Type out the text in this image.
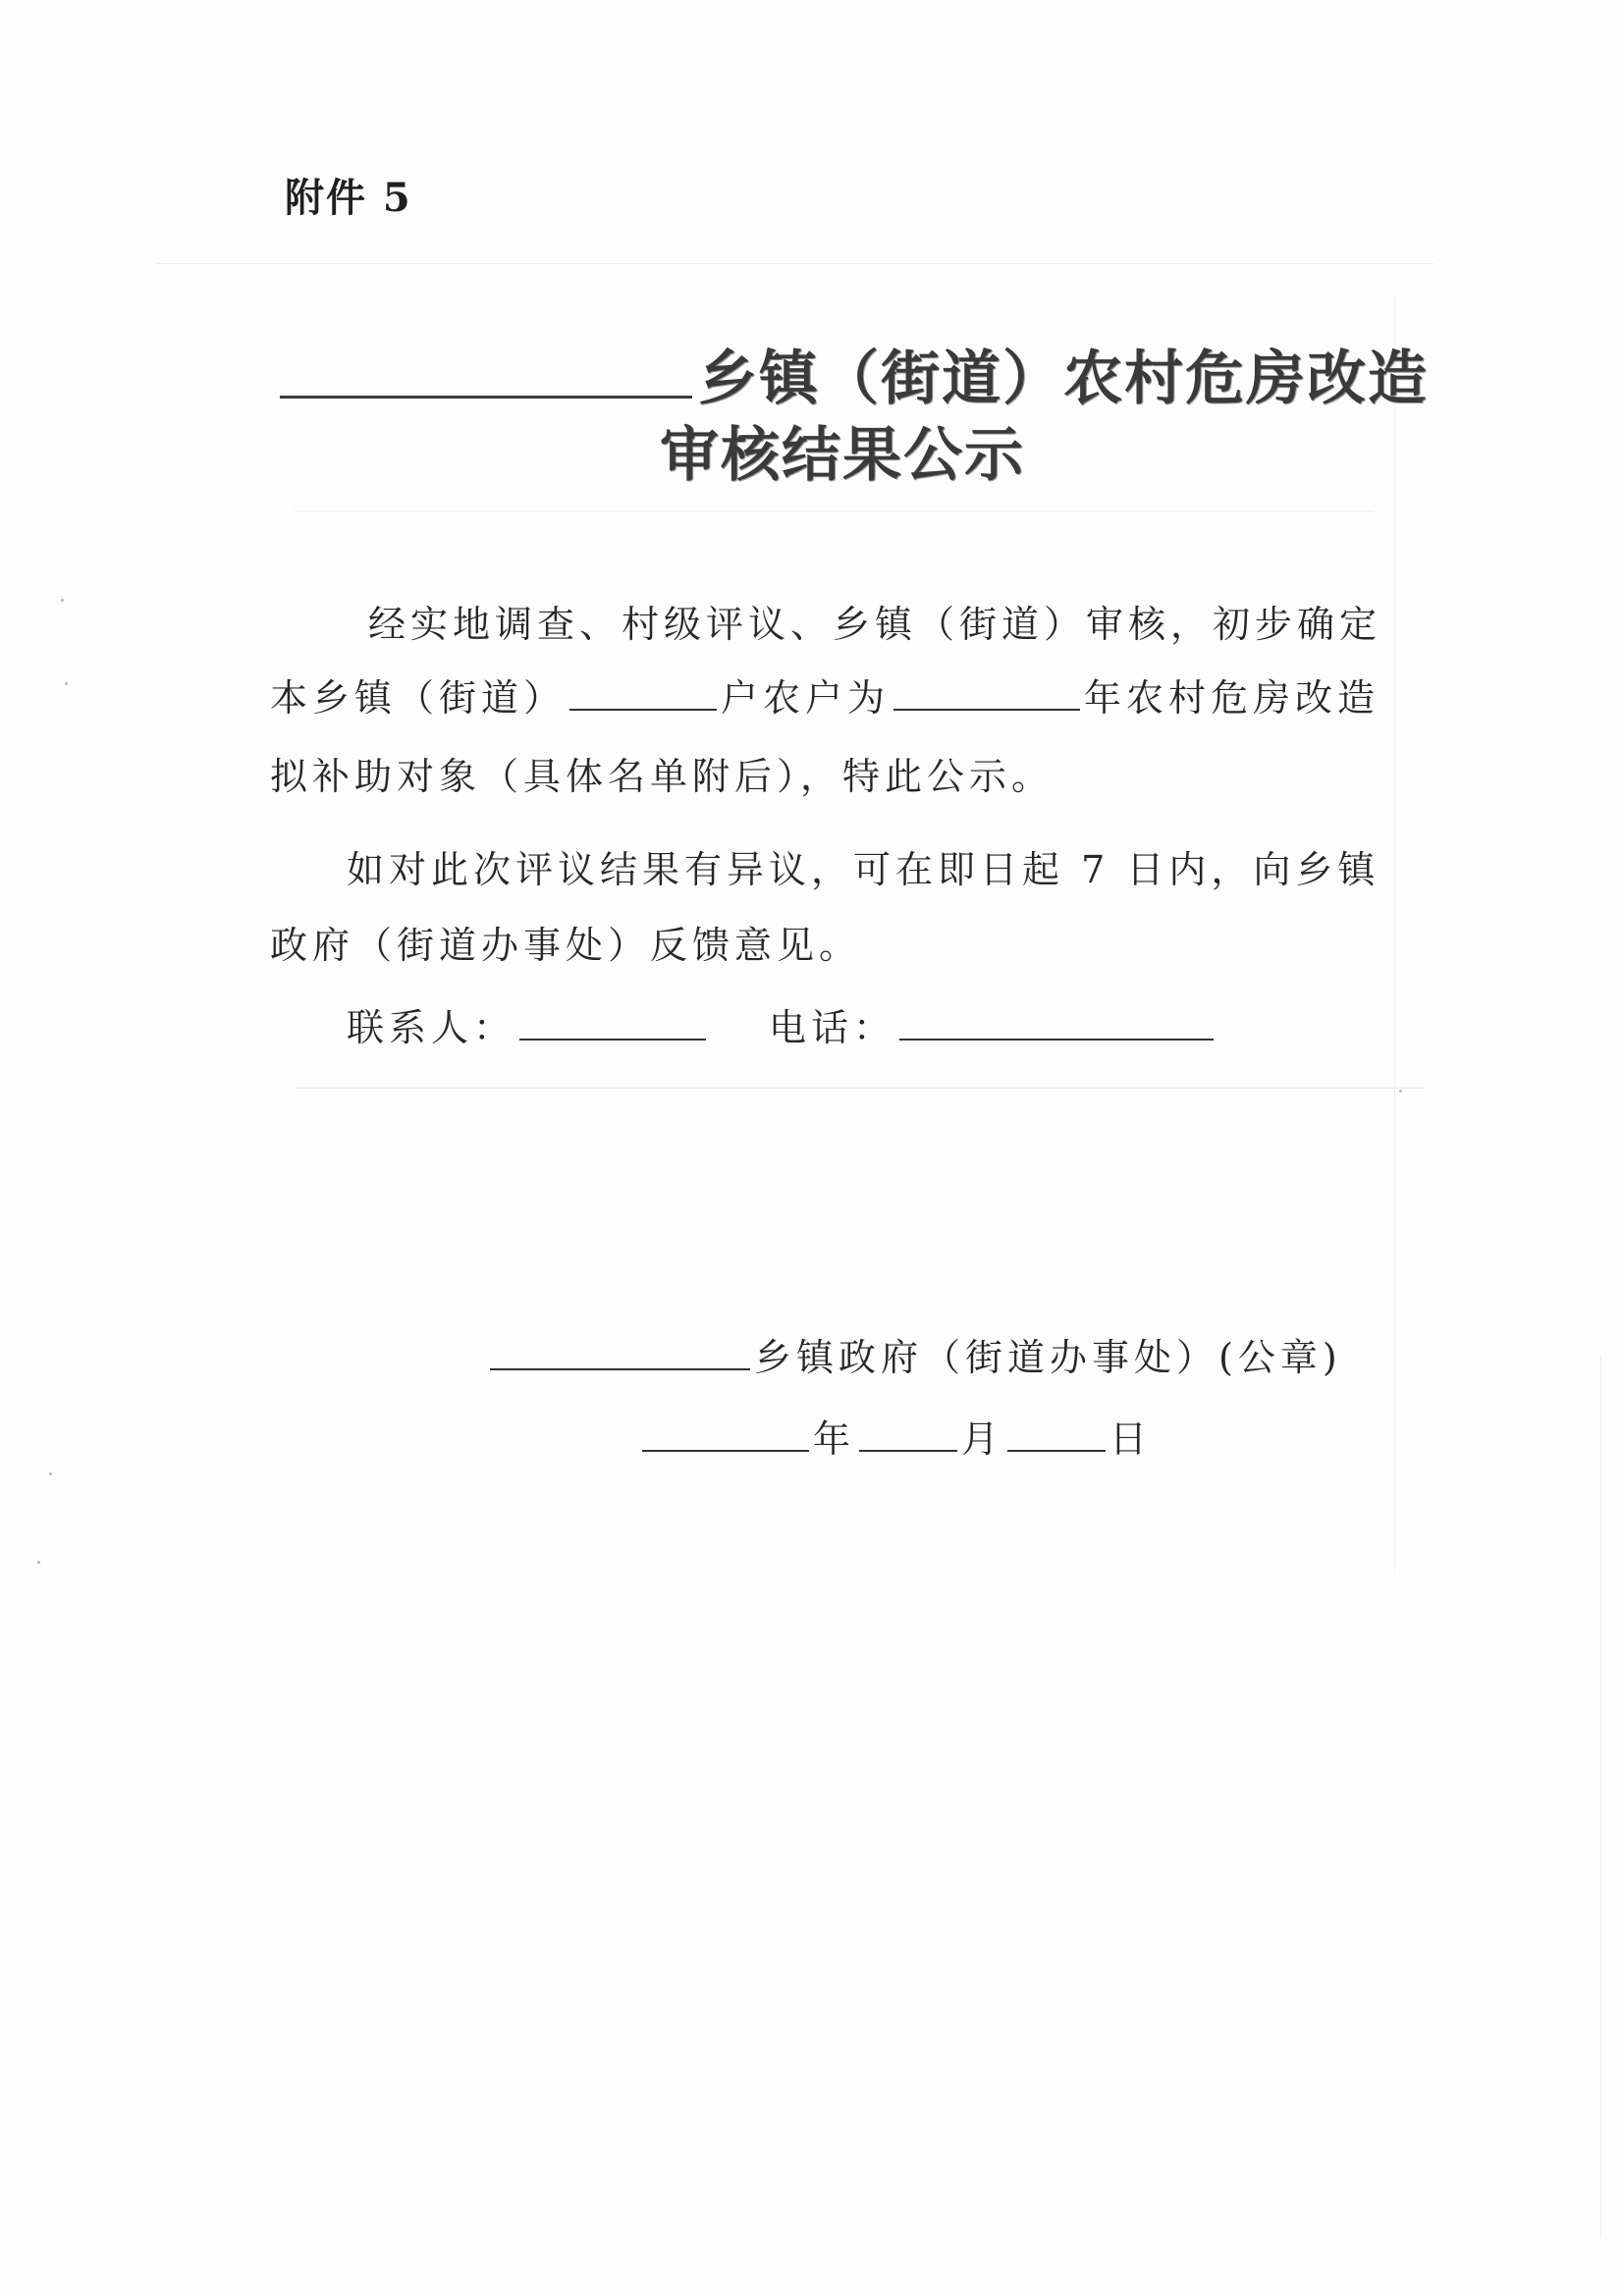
附件 5
乡镇（街道）农村危房改造
审核结果公示
经实地调查、村级评议、乡镇（街道）审核，初步确定
本乡镇（街道）	户农户为	年农村危房改造
拟补助对象（具体名单附后），特此公示。
如对此次评议结果有异议，可在即日起 7 日内，向乡镇
政府（街道办事处）反馈意见。
联系人：	电话：
乡镇政府（街道办事处）(公章)
年	月	日
